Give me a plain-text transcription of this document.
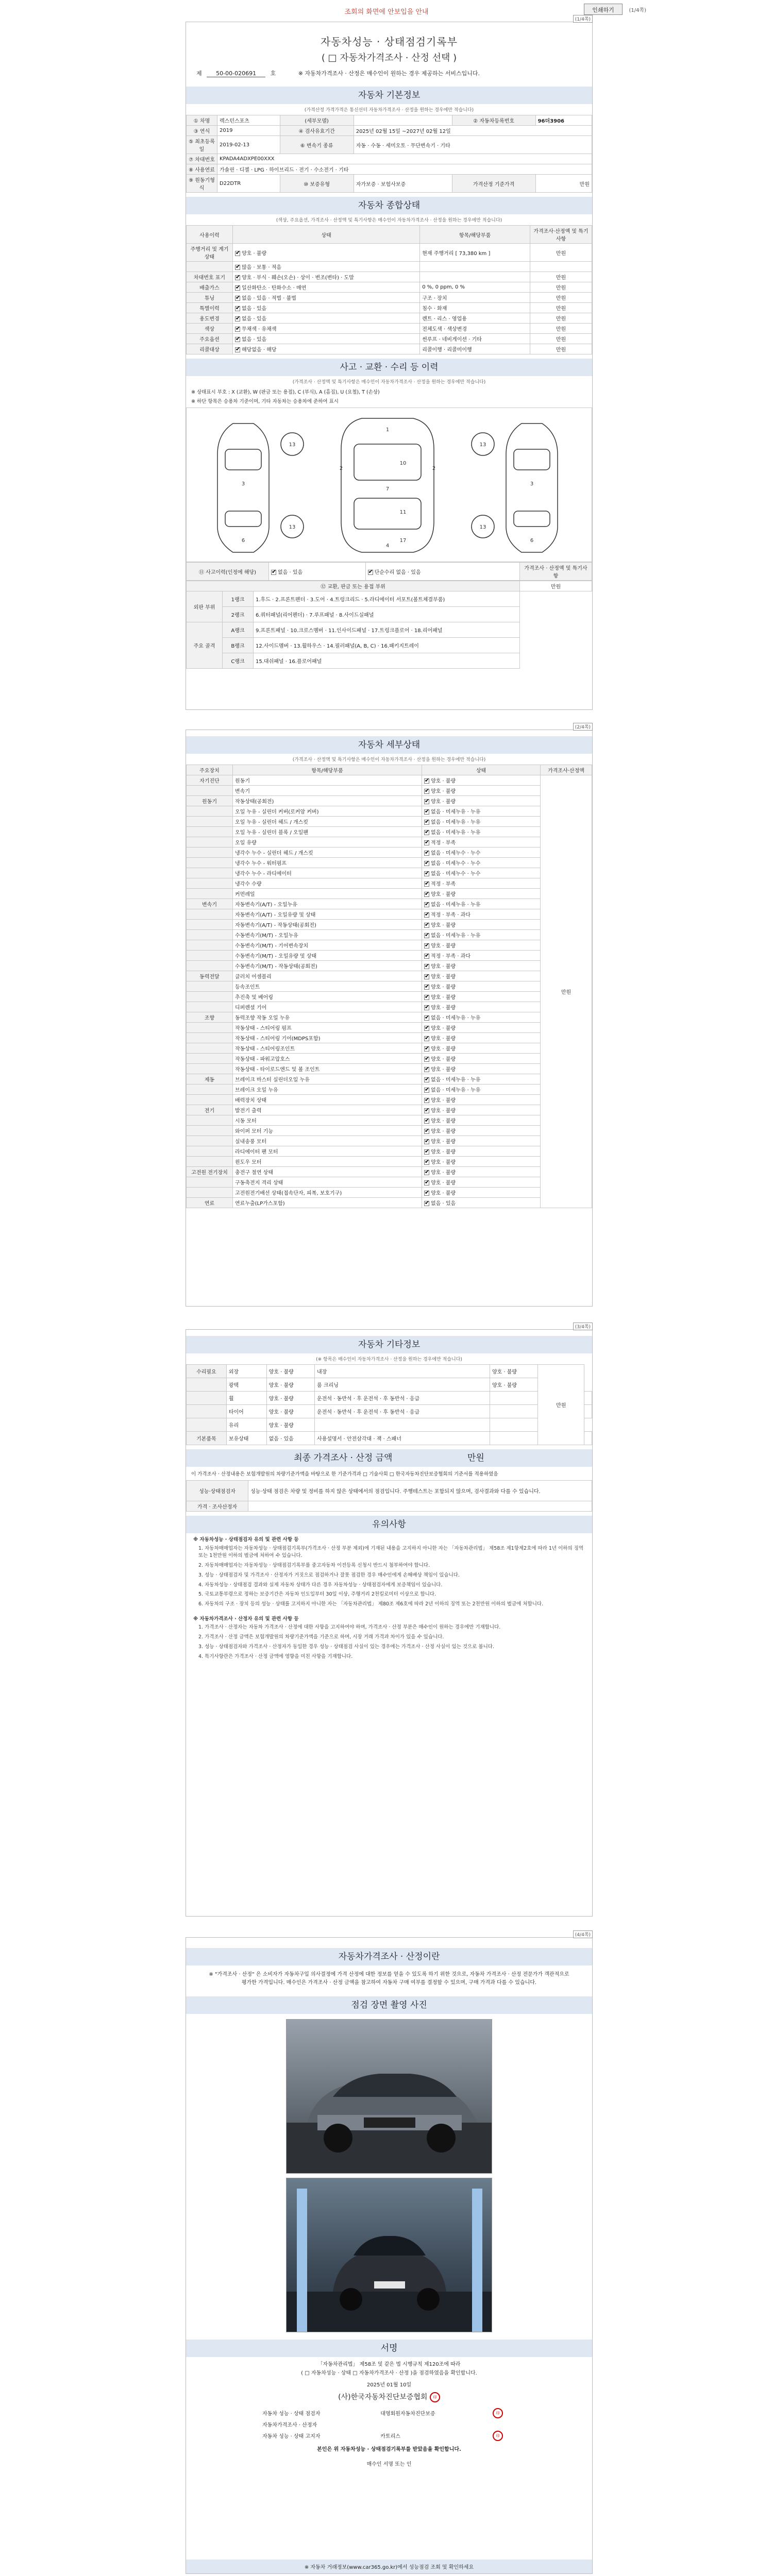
조회의 화면에 안보입을 안내	인쇄하기	(1/4쪽)
(1/4쪽)
자동차성능 · 상태점검기록부
( □ 자동차가격조사 · 산정 선택 )
제	50-00-020691	호	※ 자동차가격조사 · 산정은 매수인이 원하는 경우 제공하는 서비스입니다.
자동차 기본정보
(가격산정 가격가격은 통신선터 자동차가격조사 · 산정을 원하는 경우에만 적습니다)
① 차명	렉스턴스포츠	(세부모델)		② 자동차등록번호	96더3906
③ 연식	2019	④ 검사유효기간	2025년 02월 15일 ~2027년 02월 12일		
⑤ 최초등록일	2019-02-13	⑥ 변속기 종류	자동 · 수동 · 세미오토 · 무단변속기 · 기타		
⑦ 차대번호	KPADA4ADXPE00XXX				
⑧ 사용연료	가솔린 · 디젤 · LPG · 하이브리드 · 전기 · 수소전기 · 기타				
⑨ 원동기형식	D22DTR	⑩ 보증유형	자가보증 · 보험사보증	가격산정 기준가격	만원
자동차 종합상태
(색상, 주요옵션, 가격조사 · 산정액 및 특기사항은 매수인이 자동차가격조사 · 산정을 원하는 경우에만 적습니다)
사용이력	상태	항목/해당부품	가격조사·산정액 및 특기사항
주행거리 및 계기상태	✔양호 · 불량	현재 주행거리 [ 73,380 km ]	만원
	✔많음 · 보통 · 적음		
차대번호 표기	✔양호 · 부식 · 훼손(오손) · 상이 · 변조(변타) · 도말		만원
배출가스	✔일산화탄소 · 탄화수소 · 매연	0 %, 0 ppm, 0 %	만원
튜닝	✔없음 · 있음 · 적법 · 불법	구조 · 장치	만원
특별이력	✔없음 · 있음	침수 · 화재	만원
용도변경	✔없음 · 있음	렌트 · 리스 · 영업용	만원
색상	✔무채색 · 유채색	전체도색 · 색상변경	만원
주요옵션	✔없음 · 있음	썬루프 · 네비게이션 · 기타	만원
리콜대상	✔해당없음 · 해당	리콜이행 · 리콜미이행	만원
사고 · 교환 · 수리 등 이력
(가격조사 · 산정액 및 특기사항은 매수인이 자동차가격조사 · 산정을 원하는 경우에만 적습니다)
※ 상태표시 부호 : X (교환), W (판금 또는 용접), C (부식), A (흠집), U (요철), T (손상)
※ 하단 항목은 승용차 기준이며, 기타 자동차는 승용차에 준하여 표시
3
6
1
7
4
3
6
13
13
13
13
2	2
10
11
17
⑪ 사고이력(인정에 해당)	✔없음 · 있음	✔단순수리 없음 · 있음	가격조사 · 산정액 및 특기사항
⑫ 교환, 판금 또는 용접 부위			만원
외판 부위	1랭크	1.후드 · 2.프론트펜더 · 3.도어 · 4.트렁크리드 · 5.라디에이터 서포트(볼트체결부품)	
	2랭크	6.쿼터패널(리어펜더) · 7.루프패널 · 8.사이드실패널	
주요 골격	A랭크	9.프론트패널 · 10.크로스멤버 · 11.인사이드패널 · 17.트렁크플로어 · 18.리어패널	
	B랭크	12.사이드멤버 · 13.휠하우스 · 14.필러패널(A, B, C) · 16.패키지트레이	
	C랭크	15.대쉬패널 · 16.플로어패널	
(2/4쪽)
자동차 세부상태
(가격조사 · 산정액 및 특기사항은 매수인이 자동차가격조사 · 산정을 원하는 경우에만 적습니다)
주요장치	항목/해당부품	상태	가격조사·산정액
자기진단	원동기	✔양호 · 불량	만원
	변속기	✔양호 · 불량
원동기	작동상태(공회전)	✔양호 · 불량
	오일 누유 - 실린더 커버(로커암 커버)	✔없음 · 미세누유 · 누유
	오일 누유 - 실린더 헤드 / 개스킷	✔없음 · 미세누유 · 누유
	오일 누유 - 실린더 블록 / 오일팬	✔없음 · 미세누유 · 누유
	오일 유량	✔적정 · 부족
	냉각수 누수 - 실린더 헤드 / 개스킷	✔없음 · 미세누수 · 누수
	냉각수 누수 - 워터펌프	✔없음 · 미세누수 · 누수
	냉각수 누수 - 라디에이터	✔없음 · 미세누수 · 누수
	냉각수 수량	✔적정 · 부족
	커먼레일	✔양호 · 불량
변속기	자동변속기(A/T) - 오일누유	✔없음 · 미세누유 · 누유
	자동변속기(A/T) - 오일유량 및 상태	✔적정 · 부족 · 과다
	자동변속기(A/T) - 작동상태(공회전)	✔양호 · 불량
	수동변속기(M/T) - 오일누유	✔없음 · 미세누유 · 누유
	수동변속기(M/T) - 기어변속장치	✔양호 · 불량
	수동변속기(M/T) - 오일유량 및 상태	✔적정 · 부족 · 과다
	수동변속기(M/T) - 작동상태(공회전)	✔양호 · 불량
동력전달	클러치 어셈블리	✔양호 · 불량
	등속조인트	✔양호 · 불량
	추진축 및 베어링	✔양호 · 불량
	디퍼렌셜 기어	✔양호 · 불량
조향	동력조향 작동 오일 누유	✔없음 · 미세누유 · 누유
	작동상태 - 스티어링 펌프	✔양호 · 불량
	작동상태 - 스티어링 기어(MDPS포함)	✔양호 · 불량
	작동상태 - 스티어링조인트	✔양호 · 불량
	작동상태 - 파워고압호스	✔양호 · 불량
	작동상태 - 타이로드엔드 및 볼 조인트	✔양호 · 불량
제동	브레이크 마스터 실린더오일 누유	✔없음 · 미세누유 · 누유
	브레이크 오일 누유	✔없음 · 미세누유 · 누유
	배력장치 상태	✔양호 · 불량
전기	발전기 출력	✔양호 · 불량
	시동 모터	✔양호 · 불량
	와이퍼 모터 기능	✔양호 · 불량
	실내송풍 모터	✔양호 · 불량
	라디에이터 팬 모터	✔양호 · 불량
	윈도우 모터	✔양호 · 불량
고전원 전기장치	충전구 절연 상태	✔양호 · 불량
	구동축전지 격리 상태	✔양호 · 불량
	고전원전기배선 상태(접속단자, 피복, 보호기구)	✔양호 · 불량
연료	연료누출(LP가스포함)	✔없음 · 있음
(3/4쪽)
자동차 기타정보
(※ 항목은 매수인이 자동차가격조사 · 산정을 원하는 경우에만 적습니다)
수리필요	외장	양호 · 불량	내장	양호 · 불량	만원	
	광택	양호 · 불량	룸 크리닝	양호 · 불량		
	휠	양호 · 불량	운전석 · 동반석 · 후 운전석 · 후 동반석 · 응급			
	타이어	양호 · 불량	운전석 · 동반석 · 후 운전석 · 후 동반석 · 응급			
	유리	양호 · 불량				
기본품목	보유상태	없음 · 있음	사용설명서 · 안전삼각대 · 잭 · 스패너			
최종 가격조사 · 산정 금액	만원
이 가격조사 · 산정내용은 보험개발원의 차량기준가액을 바탕으로 한 기준가격과 □ 기술사회 □ 한국자동차진단보증협회의 기준서를 적용하였음
성능·상태점검자	성능·상태 점검은 차량 및 정비를 하지 않은 상태에서의 점검입니다. 주행테스트는 포함되지 않으며, 검사결과와 다를 수 있습니다.
가격 · 조사산정자	
유의사항
※ 자동차성능 · 상태점검자 유의 및 관련 사항 등
1. 자동차매매업자는 자동차성능 · 상태점검기록부(가격조사 · 산정 부분 제외)에 기재된 내용을 고지하지 아니한 자는 「자동차관리법」 제58조 제1항제2호에 따라 1년 이하의 징역 또는 1천만원 이하의 벌금에 처하여 수 있습니다.
2. 자동차매매업자는 자동차성능 · 상태점검기록부를 중고자동차 이전등록 신청시 반드시 첨부하여야 합니다.
3. 성능 · 상태점검자 및 가격조사 · 산정자가 거짓으로 점검하거나 잘못 점검한 경우 매수인에게 손해배상 책임이 있습니다.
4. 자동차성능 · 상태점검 결과와 실제 자동차 상태가 다른 경우 자동차성능 · 상태점검자에게 보증책임이 있습니다.
5. 국토교통부령으로 정하는 보증기간은 자동차 인도일부터 30일 이상, 주행거리 2천킬로미터 이상으로 합니다.
6. 자동차의 구조 · 장치 등의 성능 · 상태를 고지하지 아니한 자는 「자동차관리법」 제80조 제6호에 따라 2년 이하의 징역 또는 2천만원 이하의 벌금에 처합니다.
※ 자동차가격조사 · 산정자 유의 및 관련 사항 등
1. 가격조사 · 산정자는 자동차 가격조사 · 산정에 대한 사항을 고지하여야 하며, 가격조사 · 산정 부분은 매수인이 원하는 경우에만 기재합니다.
2. 가격조사 · 산정 금액은 보험개발원의 차량기준가액을 기준으로 하며, 시장 거래 가격과 차이가 있을 수 있습니다.
3. 성능 · 상태점검자와 가격조사 · 산정자가 동일한 경우 성능 · 상태점검 사실이 있는 경우에는 가격조사 · 산정 사실이 있는 것으로 봅니다.
4. 특기사항란은 가격조사 · 산정 금액에 영향을 미친 사항을 기재합니다.
(4/4쪽)
자동차가격조사 · 산정이란
※ "가격조사 · 산정" 은 소비자가 자동차구입 의사결정에 가격 산정에 대한 정보를 얻을 수 있도록 하기 위한 것으로, 자동차 가격조사 · 산정 전문가가 객관적으로 평가한 가격입니다. 매수인은 가격조사 · 산정 금액을 참고하여 자동차 구매 여부를 결정할 수 있으며, 구매 가격과 다를 수 있습니다.
점검 장면 촬영 사진
서명
「자동차관리법」 제58조 및 같은 법 시행규칙 제120조에 따라
( □ 자동차성능 · 상태 □ 자동차가격조사 · 산정 )을 점검하였음을 확인합니다.
2025년 01월 10일
(사)한국자동차진단보증협회 印
자동차 성능 · 상태 점검자	대영회원자동차진단보증	印
자동차가격조사 · 산정자		
자동차 성능 · 상태 고지자	카토리스	印
본인은 위 자동차성능 · 상태점검기록부를 받았음을 확인합니다.
매수인 서명 또는 인
※ 자동차 거래정보(www.car365.go.kr)에서 성능점검 조회 및 확인하세요
